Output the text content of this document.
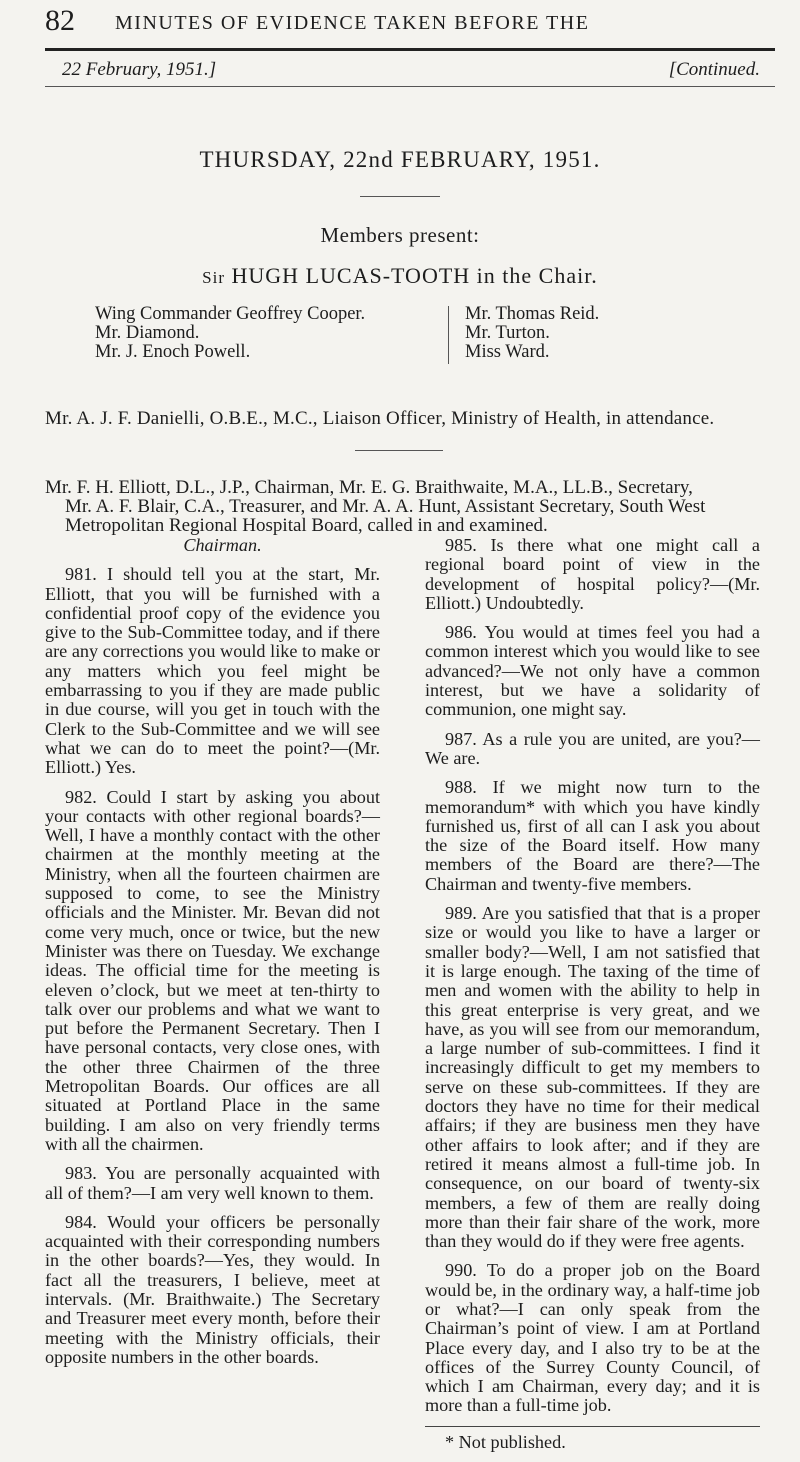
82 MINUTES OF EVIDENCE TAKEN BEFORE THE
22 February, 1951.]	[Continued.
THURSDAY, 22nd FEBRUARY, 1951.
Members present:
Sir HUGH LUCAS-TOOTH in the Chair.
Wing Commander Geoffrey Cooper.
Mr. Diamond.
Mr. J. Enoch Powell.
Mr. Thomas Reid.
Mr. Turton.
Miss Ward.
Mr. A. J. F. Danielli, O.B.E., M.C., Liaison Officer, Ministry of Health, in attendance.
Mr. F. H. Elliott, D.L., J.P., Chairman, Mr. E. G. Braithwaite, M.A., LL.B., Secretary,
Mr. A. F. Blair, C.A., Treasurer, and Mr. A. A. Hunt, Assistant Secretary, South West
Metropolitan Regional Hospital Board, called in and examined.

Chairman.

981. I should tell you at the start, Mr. Elliott, that you will be furnished with a confidential proof copy of the evidence you give to the Sub-Committee today, and if there are any corrections you would like to make or any matters which you feel might be embarrassing to you if they are made public in due course, will you get in touch with the Clerk to the Sub-Committee and we will see what we can do to meet the point?—(Mr. Elliott.) Yes.

982. Could I start by asking you about your contacts with other regional boards?—Well, I have a monthly contact with the other chairmen at the monthly meeting at the Ministry, when all the fourteen chairmen are supposed to come, to see the Ministry officials and the Minister. Mr. Bevan did not come very much, once or twice, but the new Minister was there on Tuesday. We exchange ideas. The official time for the meeting is eleven o’clock, but we meet at ten-thirty to talk over our problems and what we want to put before the Permanent Secretary. Then I have personal contacts, very close ones, with the other three Chairmen of the three Metropolitan Boards. Our offices are all situated at Portland Place in the same building. I am also on very friendly terms with all the chairmen.

983. You are personally acquainted with all of them?—I am very well known to them.

984. Would your officers be personally acquainted with their corresponding numbers in the other boards?—Yes, they would. In fact all the treasurers, I believe, meet at intervals. (Mr. Braithwaite.) The Secretary and Treasurer meet every month, before their meeting with the Ministry officials, their opposite numbers in the other boards.

985. Is there what one might call a regional board point of view in the development of hospital policy?—(Mr. Elliott.) Undoubtedly.

986. You would at times feel you had a common interest which you would like to see advanced?—We not only have a common interest, but we have a solidarity of communion, one might say.

987. As a rule you are united, are you?—We are.

988. If we might now turn to the memorandum* with which you have kindly furnished us, first of all can I ask you about the size of the Board itself. How many members of the Board are there?—The Chairman and twenty-five members.

989. Are you satisfied that that is a proper size or would you like to have a larger or smaller body?—Well, I am not satisfied that it is large enough. The taxing of the time of men and women with the ability to help in this great enterprise is very great, and we have, as you will see from our memorandum, a large number of sub-committees. I find it increasingly difficult to get my members to serve on these sub-committees. If they are doctors they have no time for their medical affairs; if they are business men they have other affairs to look after; and if they are retired it means almost a full-time job. In consequence, on our board of twenty-six members, a few of them are really doing more than their fair share of the work, more than they would do if they were free agents.

990. To do a proper job on the Board would be, in the ordinary way, a half-time job or what?—I can only speak from the Chairman’s point of view. I am at Portland Place every day, and I also try to be at the offices of the Surrey County Council, of which I am Chairman, every day; and it is more than a full-time job.

* Not published.
